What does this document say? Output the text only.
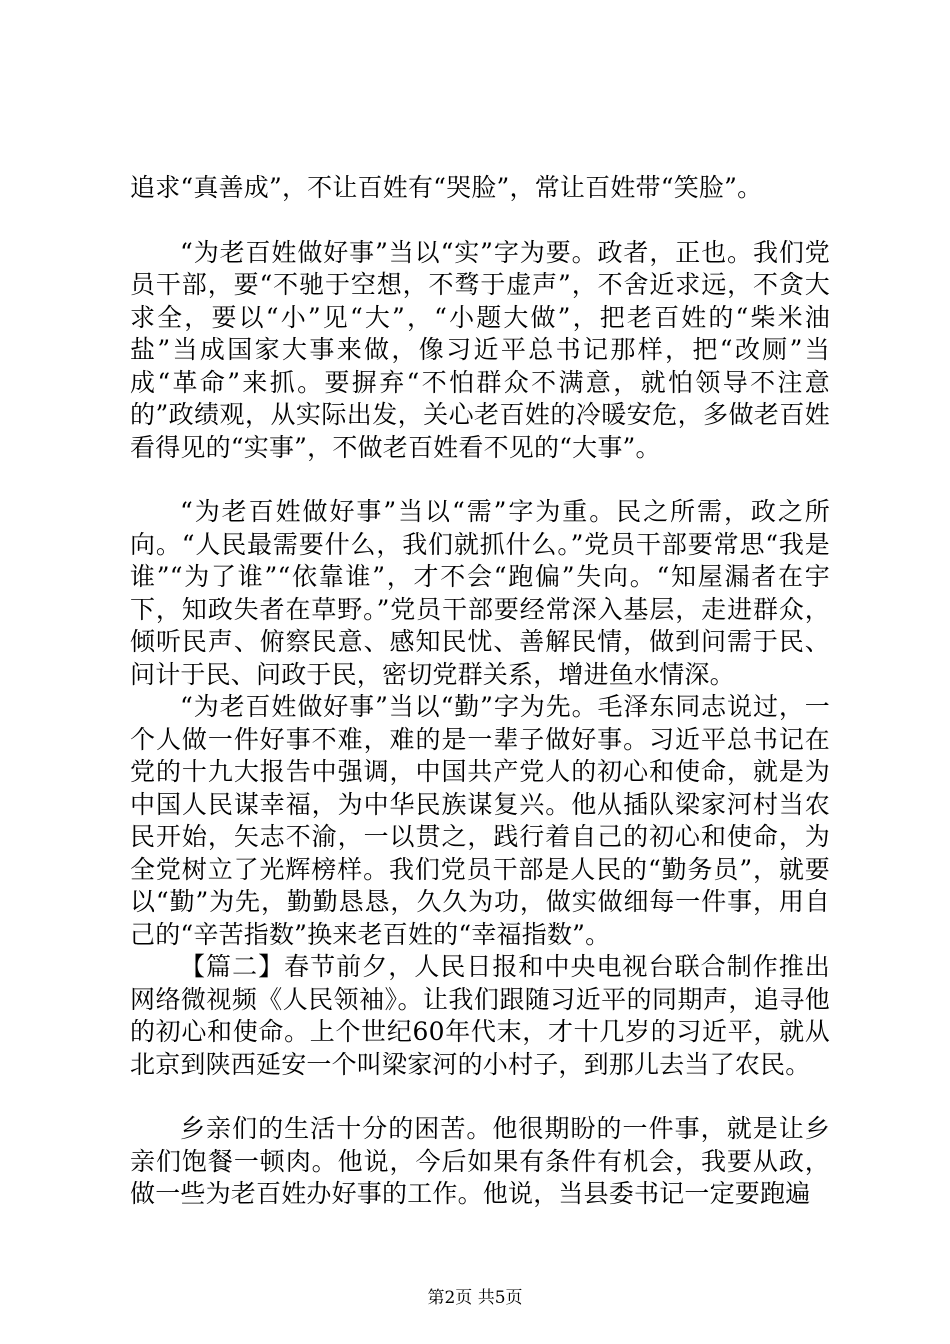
追求“真善成”，不让百姓有“哭脸”，常让百姓带“笑脸”。

“为老百姓做好事”当以“实”字为要。政者，正也。我们党员干部，要“不驰于空想，不骛于虚声”，不舍近求远，不贪大求全，要以“小”见“大”，“小题大做”，把老百姓的“柴米油盐”当成国家大事来做，像习近平总书记那样，把“改厕”当成“革命”来抓。要摒弃“不怕群众不满意，就怕领导不注意的”政绩观，从实际出发，关心老百姓的冷暖安危，多做老百姓看得见的“实事”，不做老百姓看不见的“大事”。

“为老百姓做好事”当以“需”字为重。民之所需，政之所向。“人民最需要什么，我们就抓什么。”党员干部要常思“我是谁”“为了谁”“依靠谁”，才不会“跑偏”失向。“知屋漏者在宇下，知政失者在草野。”党员干部要经常深入基层，走进群众，倾听民声、俯察民意、感知民忧、善解民情，做到问需于民、问计于民、问政于民，密切党群关系，增进鱼水情深。

“为老百姓做好事”当以“勤”字为先。毛泽东同志说过，一个人做一件好事不难，难的是一辈子做好事。习近平总书记在党的十九大报告中强调，中国共产党人的初心和使命，就是为中国人民谋幸福，为中华民族谋复兴。他从插队梁家河村当农民开始，矢志不渝，一以贯之，践行着自己的初心和使命，为全党树立了光辉榜样。我们党员干部是人民的“勤务员”，就要以“勤”为先，勤勤恳恳，久久为功，做实做细每一件事，用自己的“辛苦指数”换来老百姓的“幸福指数”。

【篇二】春节前夕，人民日报和中央电视台联合制作推出网络微视频《人民领袖》。让我们跟随习近平的同期声，追寻他的初心和使命。上个世纪60年代末，才十几岁的习近平，就从北京到陕西延安一个叫梁家河的小村子，到那儿去当了农民。

乡亲们的生活十分的困苦。他很期盼的一件事，就是让乡亲们饱餐一顿肉。他说，今后如果有条件有机会，我要从政，做一些为老百姓办好事的工作。他说，当县委书记一定要跑遍

第2页 共5页
